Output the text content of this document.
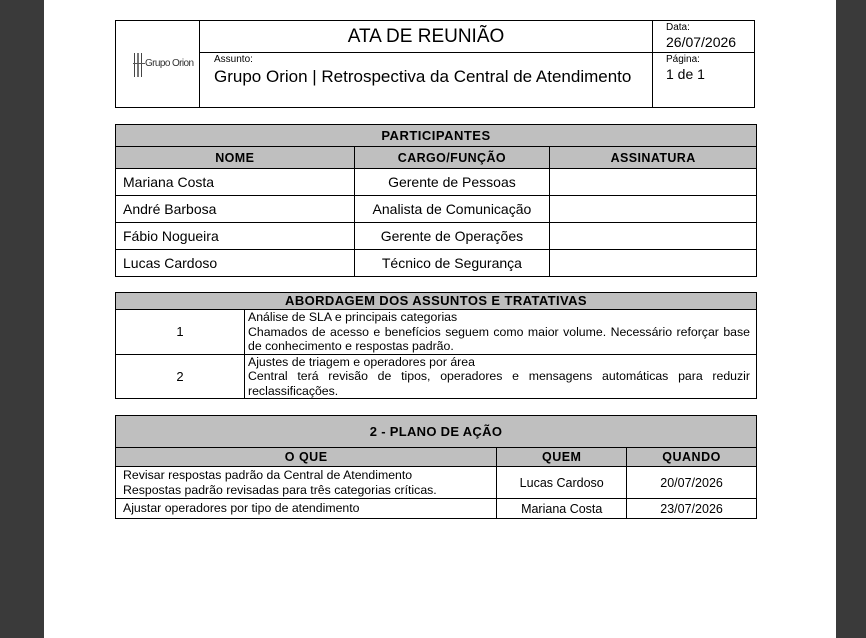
Grupo Orion
ATA DE REUNIÃO	Data:
26/07/2026
Assunto:
Grupo Orion | Retrospectiva da Central de Atendimento
Página:
1 de 1
PARTICIPANTES		
NOME	CARGO/FUNÇÃO	ASSINATURA
Mariana Costa	Gerente de Pessoas	
André Barbosa	Analista de Comunicação	
Fábio Nogueira	Gerente de Operações	
Lucas Cardoso	Técnico de Segurança	
ABORDAGEM DOS ASSUNTOS E TRATATIVAS	
1	Análise de SLA e principais categorias
Chamados de acesso e benefícios seguem como maior volume. Necessário reforçar base de conhecimento e respostas padrão.

2	Ajustes de triagem e operadores por área
Central terá revisão de tipos, operadores e mensagens automáticas para reduzir reclassificações.
2 - PLANO DE AÇÃO		
O QUE	QUEM	QUANDO

Revisar respostas padrão da Central de Atendimento
Respostas padrão revisadas para três categorias críticas.	Lucas Cardoso	20/07/2026

Ajustar operadores por tipo de atendimento	Mariana Costa	23/07/2026
